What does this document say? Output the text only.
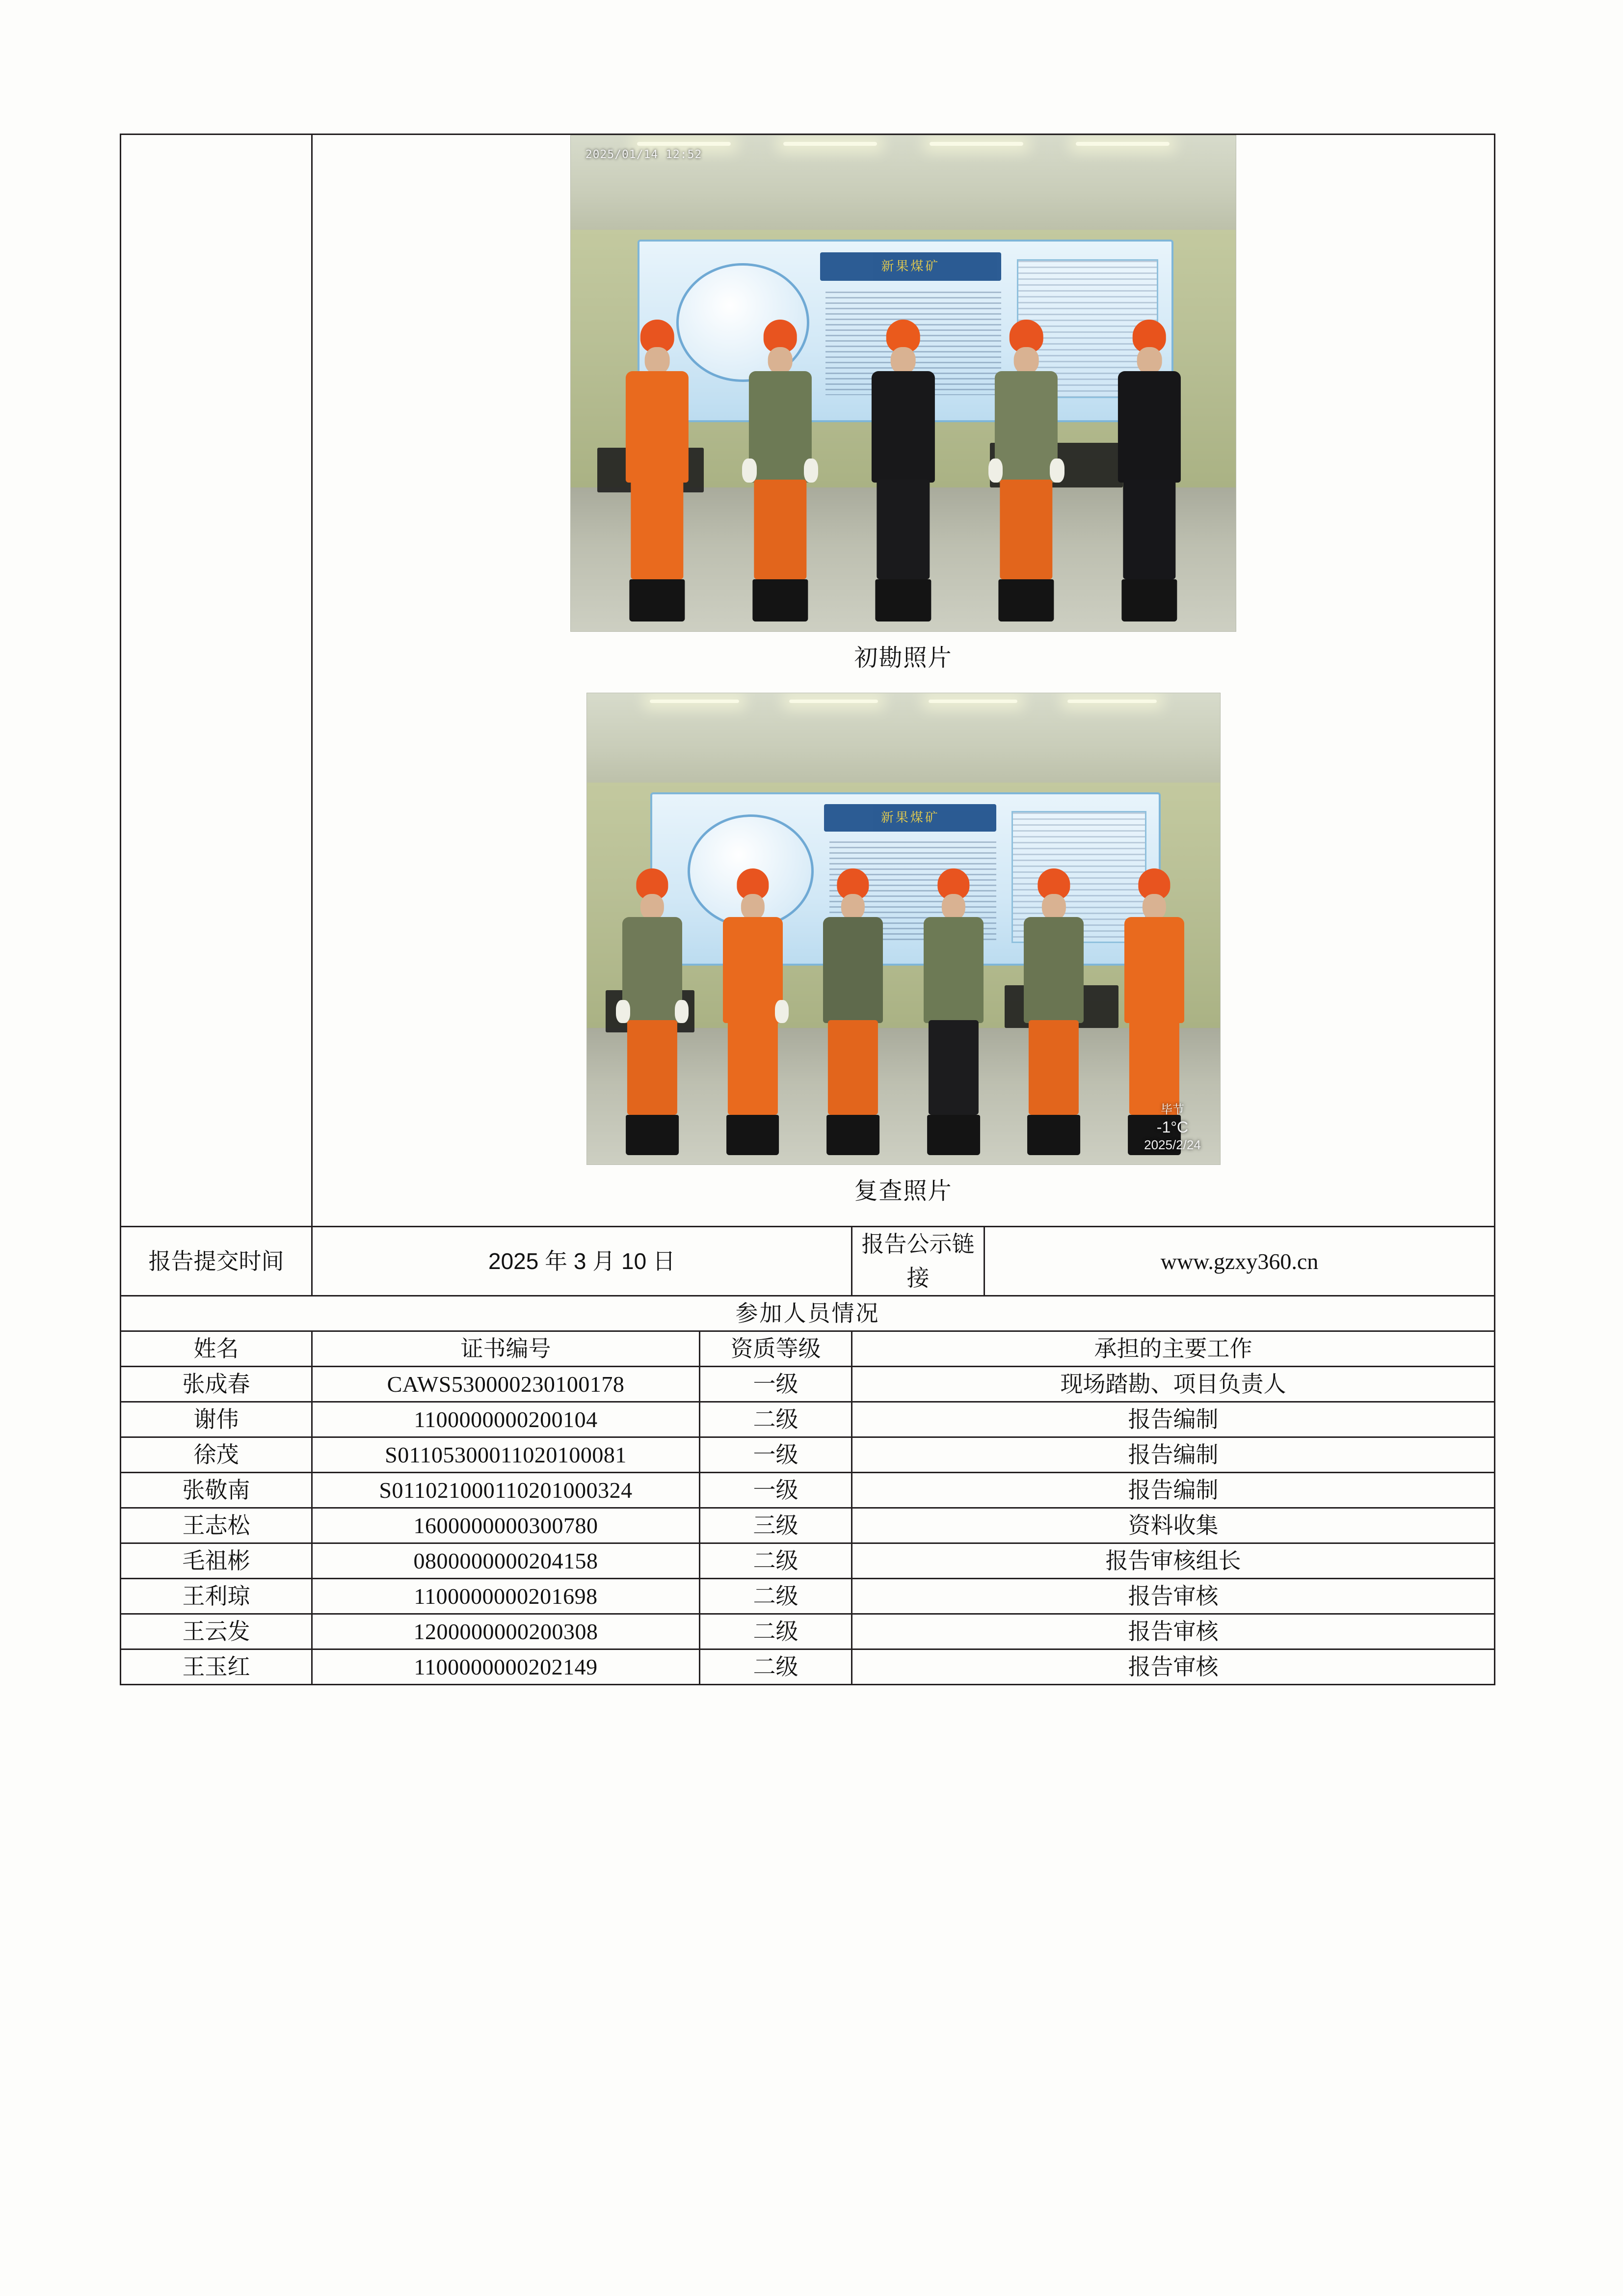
新果煤矿
2025/01/14 12:52
初勘照片
新果煤矿
毕节
-1°C
2025/2/24
复查照片

报告提交时间	2025 年 3 月 10 日		报告公示链接	www.gzxy360.cn
参加人员情况				
姓名	证书编号	资质等级	承担的主要工作	
张成春	CAWS530000230100178	一级	现场踏勘、项目负责人	
谢伟	1100000000200104	二级	报告编制	
徐茂	S01105300011020100081	一级	报告编制	
张敬南	S011021000110201000324	一级	报告编制	
王志松	1600000000300780	三级	资料收集	
毛祖彬	0800000000204158	二级	报告审核组长	
王利琼	1100000000201698	二级	报告审核	
王云发	1200000000200308	二级	报告审核	
王玉红	1100000000202149	二级	报告审核	
